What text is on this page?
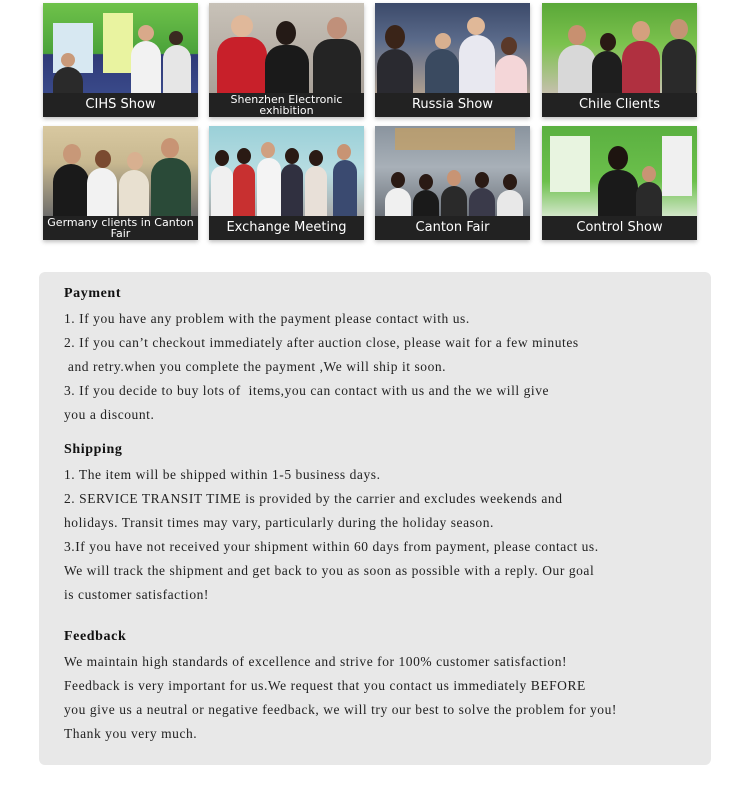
CIHS Show	Shenzhen Electronic exhibition	Russia Show	Chile Clients
Germany clients in Canton Fair	Exchange Meeting	Canton Fair	Control Show
Payment
1. If you have any problem with the payment please contact with us.
2. If you can’t checkout immediately after auction close, please wait for a few minutes
and retry.when you complete the payment ,We will ship it soon.
3. If you decide to buy lots of  items,you can contact with us and the we will give
you a discount.
Shipping
1. The item will be shipped within 1-5 business days.
2. SERVICE TRANSIT TIME is provided by the carrier and excludes weekends and
holidays. Transit times may vary, particularly during the holiday season.
3.If you have not received your shipment within 60 days from payment, please contact us.
We will track the shipment and get back to you as soon as possible with a reply. Our goal
is customer satisfaction!
Feedback
We maintain high standards of excellence and strive for 100% customer satisfaction!
Feedback is very important for us.We request that you contact us immediately BEFORE
you give us a neutral or negative feedback, we will try our best to solve the problem for you!
Thank you very much.
